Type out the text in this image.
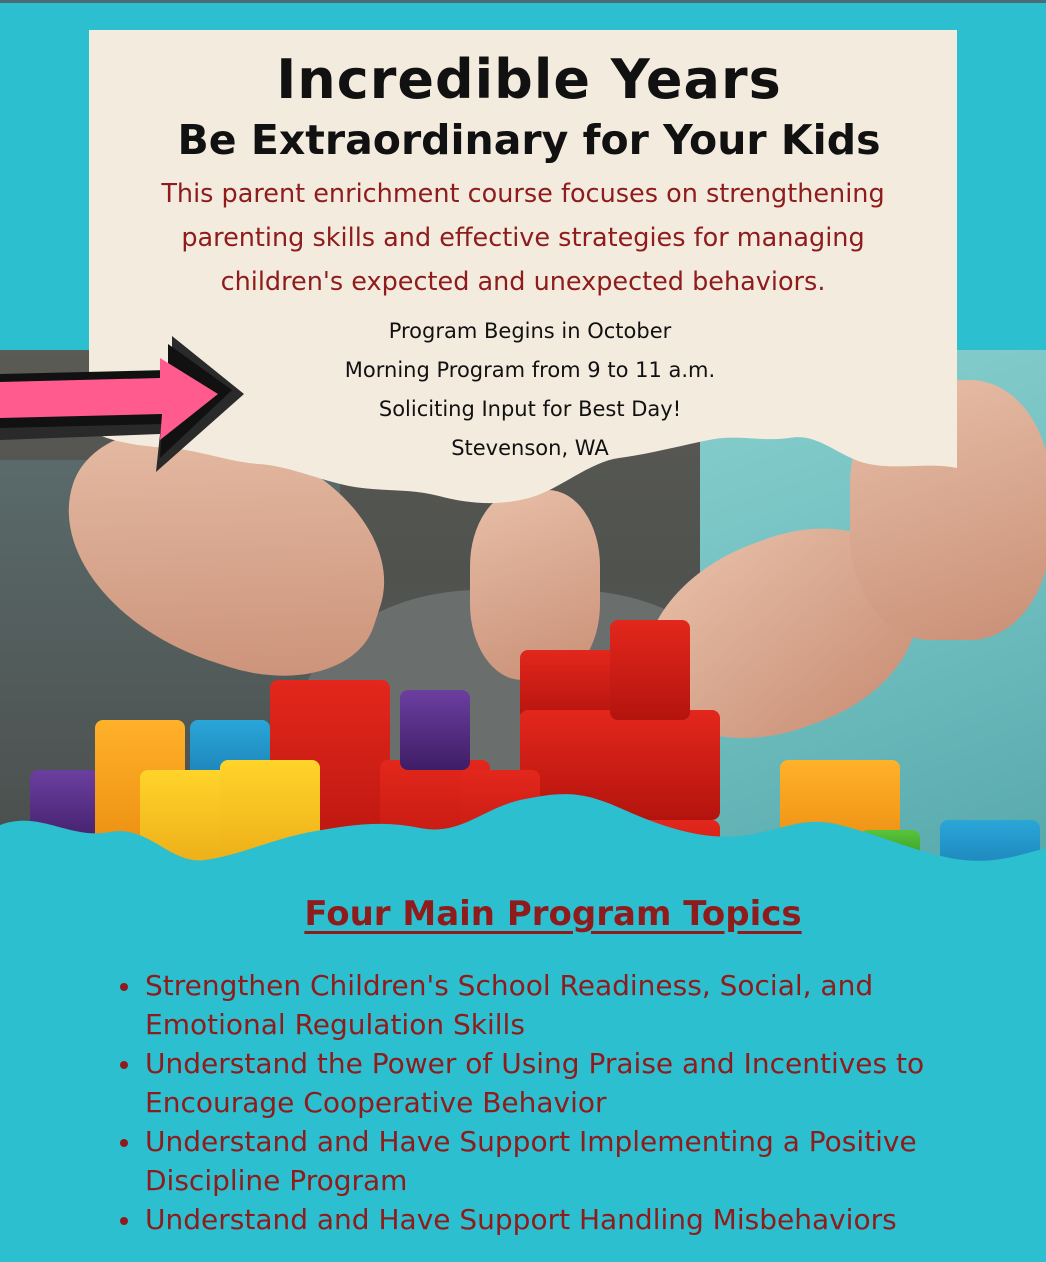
Incredible Years
Be Extraordinary for Your Kids
This parent enrichment course focuses on strengthening
parenting skills and effective strategies for managing
children's expected and unexpected behaviors.
Program Begins in October
Morning Program from 9 to 11 a.m.
Soliciting Input for Best Day!
Stevenson, WA
Four Main Program Topics
Strengthen Children's School Readiness, Social, and
Emotional Regulation Skills
Understand the Power of Using Praise and Incentives to
Encourage Cooperative Behavior
Understand and Have Support Implementing a Positive
Discipline Program
Understand and Have Support Handling Misbehaviors
